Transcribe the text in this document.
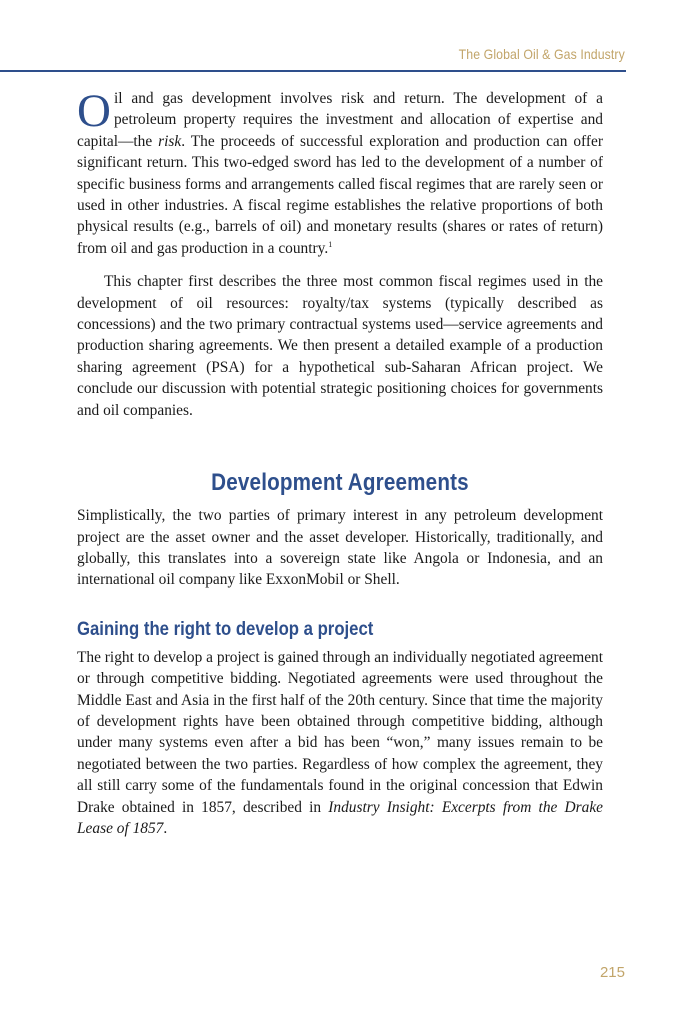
The Global Oil & Gas Industry

Oil and gas development involves risk and return. The development of a petroleum property requires the investment and allocation of expertise and capital—the risk. The proceeds of successful exploration and production can offer significant return. This two-edged sword has led to the development of a number of specific business forms and arrangements called fiscal regimes that are rarely seen or used in other industries. A fiscal regime establishes the relative proportions of both physical results (e.g., barrels of oil) and monetary results (shares or rates of return) from oil and gas production in a country.$^1$

This chapter first describes the three most common fiscal regimes used in the development of oil resources: royalty/tax systems (typically described as concessions) and the two primary contractual systems used—service agreements and production sharing agreements. We then present a detailed example of a production sharing agreement (PSA) for a hypothetical sub-Saharan African project. We conclude our discussion with potential strategic positioning choices for governments and oil companies.

Development Agreements

Simplistically, the two parties of primary interest in any petroleum development project are the asset owner and the asset developer. Historically, traditionally, and globally, this translates into a sovereign state like Angola or Indonesia, and an international oil company like ExxonMobil or Shell.

Gaining the right to develop a project

The right to develop a project is gained through an individually negotiated agreement or through competitive bidding. Negotiated agreements were used throughout the Middle East and Asia in the first half of the 20th century. Since that time the majority of development rights have been obtained through competitive bidding, although under many systems even after a bid has been “won,” many issues remain to be negotiated between the two parties. Regardless of how complex the agreement, they all still carry some of the fundamentals found in the original concession that Edwin Drake obtained in 1857, described in Industry Insight: Excerpts from the Drake Lease of 1857.

215
